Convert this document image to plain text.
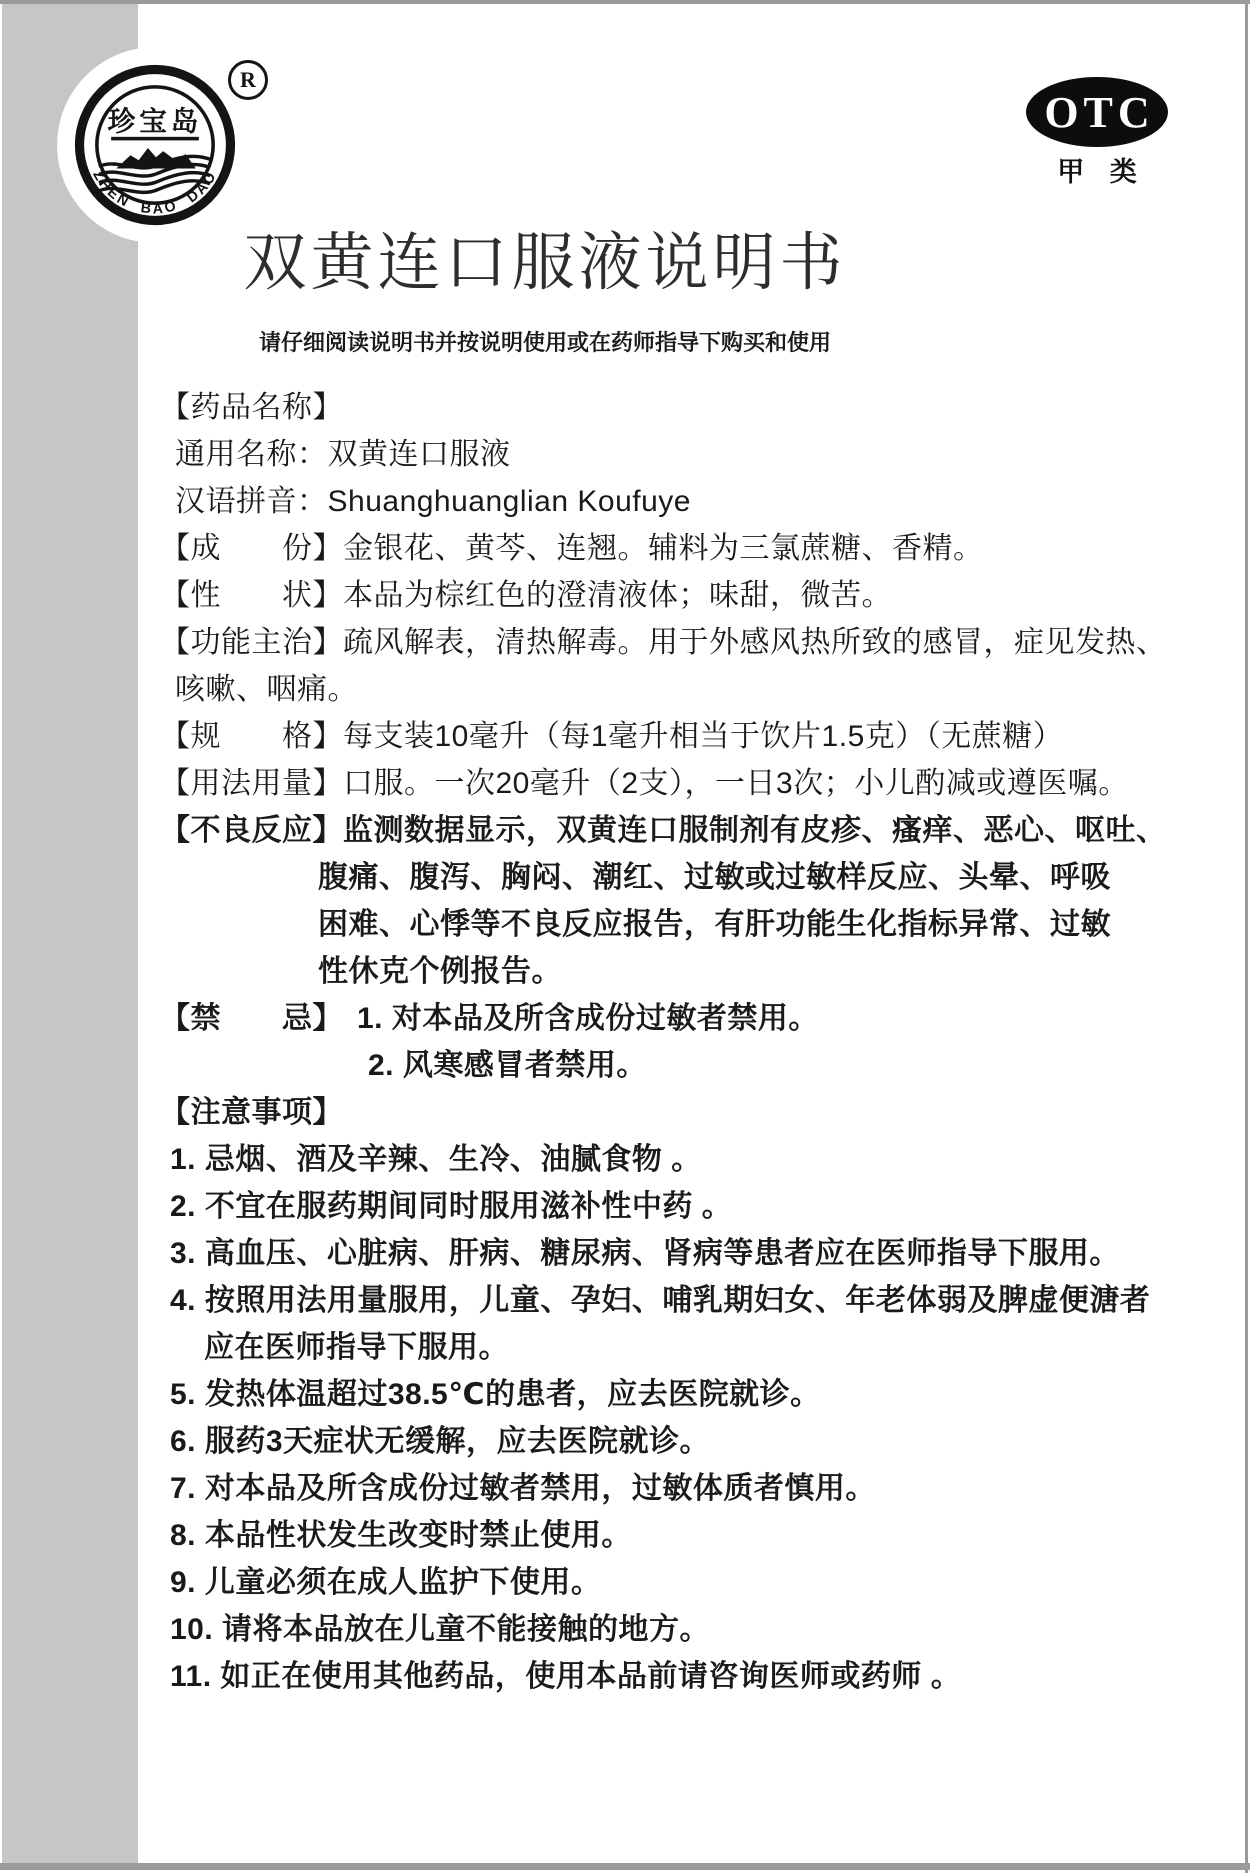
珍宝岛
ZHEN BAO DAO
R
OTC
甲 类
双黄连口服液说明书
请仔细阅读说明书并按说明使用或在药师指导下购买和使用
【药品名称】
通用名称：双黄连口服液
汉语拼音：Shuanghuanglian Koufuye
【成　　份】金银花、黄芩、连翘。辅料为三氯蔗糖、香精。
【性　　状】本品为棕红色的澄清液体；味甜，微苦。
【功能主治】疏风解表，清热解毒。用于外感风热所致的感冒，症见发热、
咳嗽、咽痛。
【规　　格】每支装10毫升（每1毫升相当于饮片1.5克）（无蔗糖）
【用法用量】口服。一次20毫升（2支），一日3次；小儿酌减或遵医嘱。
【不良反应】监测数据显示，双黄连口服制剂有皮疹、瘙痒、恶心、呕吐、
腹痛、腹泻、胸闷、潮红、过敏或过敏样反应、头晕、呼吸
困难、心悸等不良反应报告，有肝功能生化指标异常、过敏
性休克个例报告。
【禁　　忌】 1. 对本品及所含成份过敏者禁用。
2. 风寒感冒者禁用。
【注意事项】
1. 忌烟、酒及辛辣、生冷、油腻食物 。
2. 不宜在服药期间同时服用滋补性中药 。
3. 高血压、心脏病、肝病、糖尿病、肾病等患者应在医师指导下服用。
4. 按照用法用量服用，儿童、孕妇、哺乳期妇女、年老体弱及脾虚便溏者
应在医师指导下服用。
5. 发热体温超过38.5℃的患者，应去医院就诊。
6. 服药3天症状无缓解，应去医院就诊。
7. 对本品及所含成份过敏者禁用，过敏体质者慎用。
8. 本品性状发生改变时禁止使用。
9. 儿童必须在成人监护下使用。
10. 请将本品放在儿童不能接触的地方。
11. 如正在使用其他药品，使用本品前请咨询医师或药师 。
